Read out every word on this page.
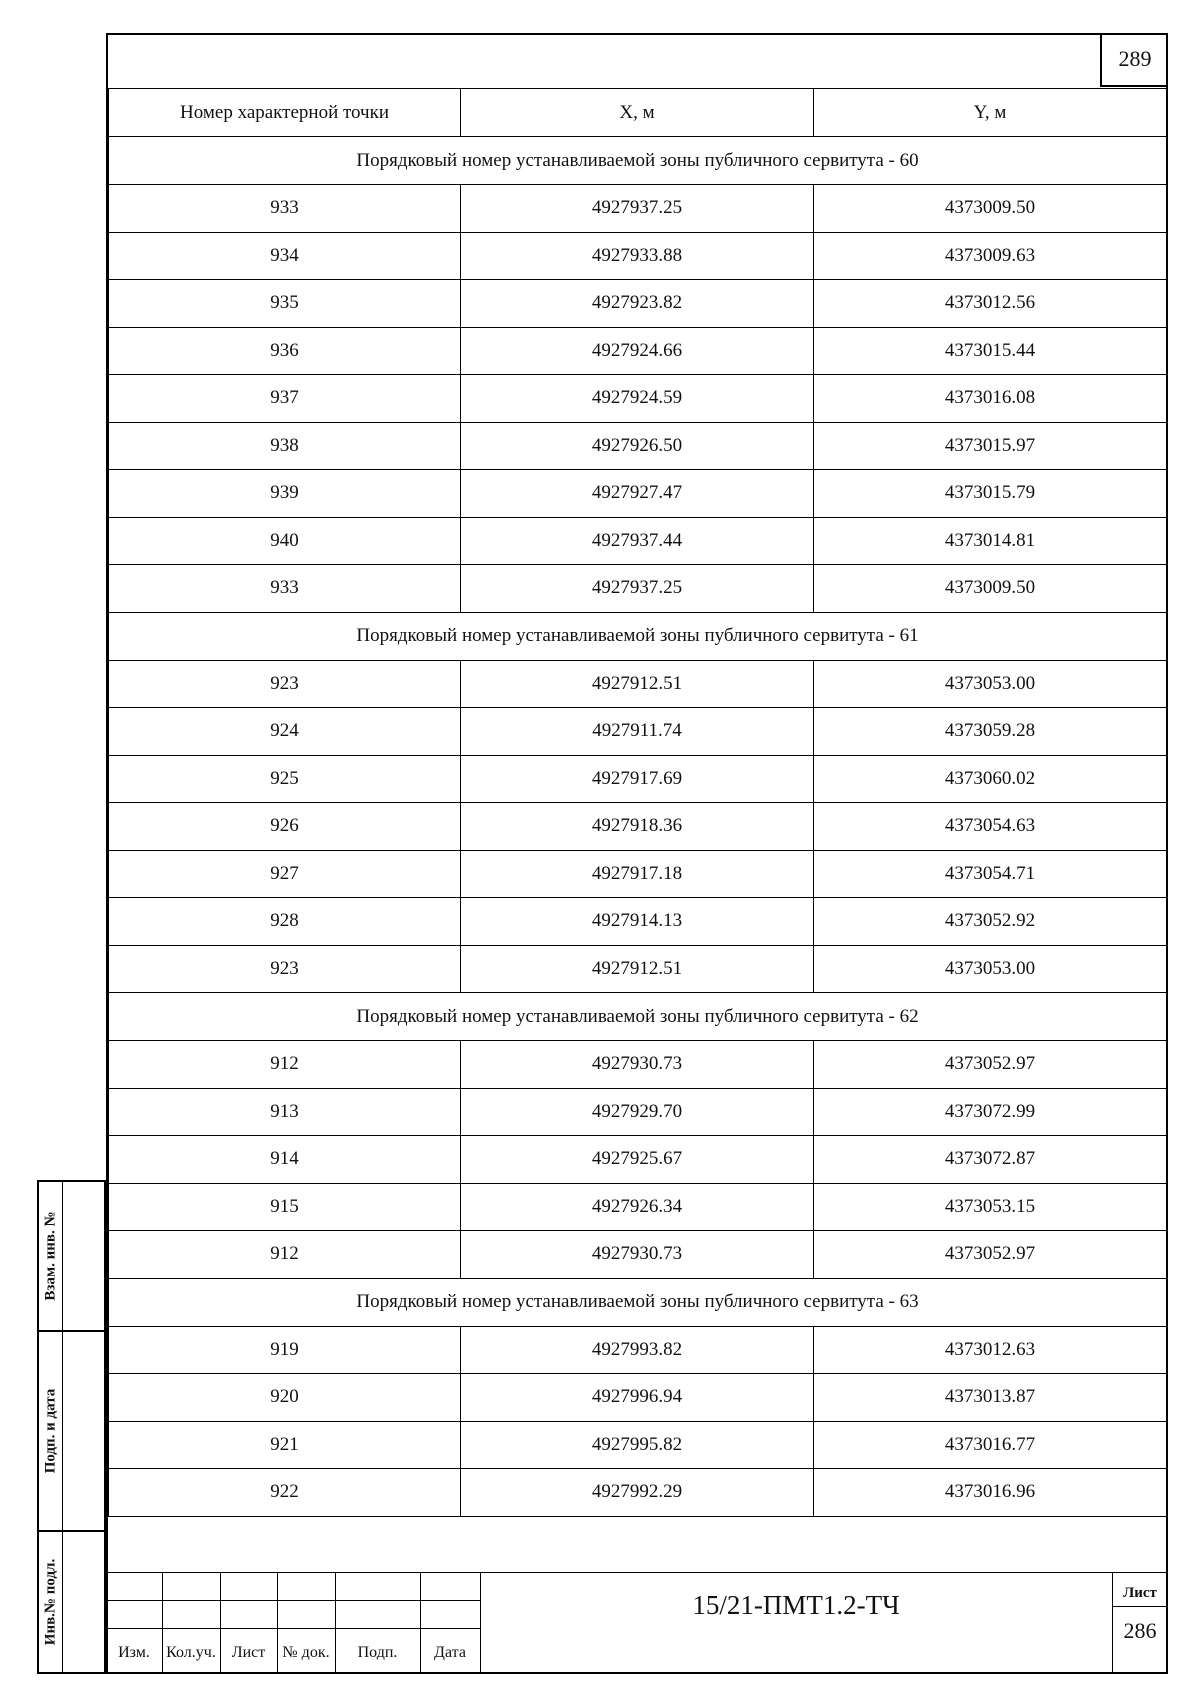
289
Номер характерной точки	X, м	Y, м
Порядковый номер устанавливаемой зоны публичного сервитута - 60		
933	4927937.25	4373009.50
934	4927933.88	4373009.63
935	4927923.82	4373012.56
936	4927924.66	4373015.44
937	4927924.59	4373016.08
938	4927926.50	4373015.97
939	4927927.47	4373015.79
940	4927937.44	4373014.81
933	4927937.25	4373009.50
Порядковый номер устанавливаемой зоны публичного сервитута - 61		
923	4927912.51	4373053.00
924	4927911.74	4373059.28
925	4927917.69	4373060.02
926	4927918.36	4373054.63
927	4927917.18	4373054.71
928	4927914.13	4373052.92
923	4927912.51	4373053.00
Порядковый номер устанавливаемой зоны публичного сервитута - 62		
912	4927930.73	4373052.97
913	4927929.70	4373072.99
914	4927925.67	4373072.87
915	4927926.34	4373053.15
912	4927930.73	4373052.97
Порядковый номер устанавливаемой зоны публичного сервитута - 63		
919	4927993.82	4373012.63
920	4927996.94	4373013.87
921	4927995.82	4373016.77
922	4927992.29	4373016.96
Взам. инв. №
Подп. и дата
Инв.№ подл.
Изм.	Кол.уч. Лист	№ док.	Подп.	Дата
15/21-ПМТ1.2-ТЧ	Лист
286
